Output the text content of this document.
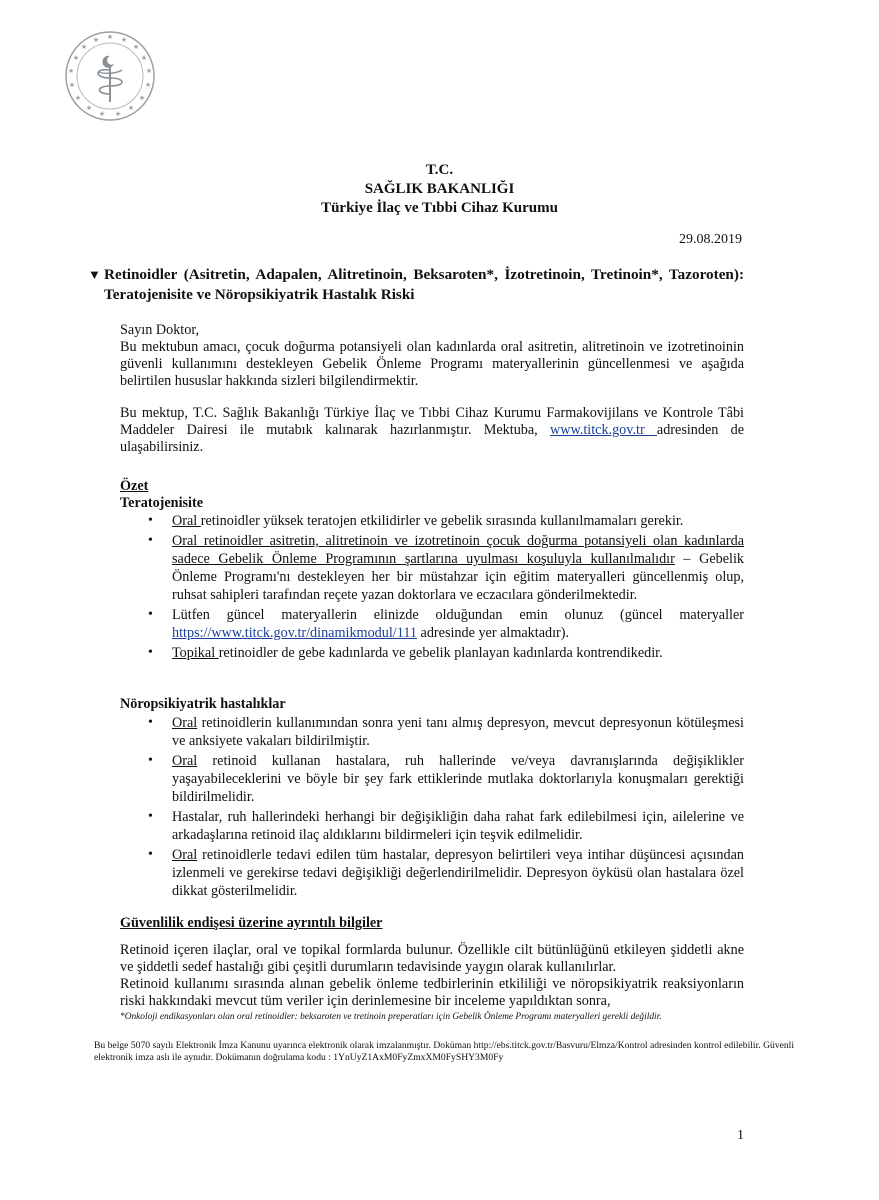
★ ★
★
★
★
★
★
★
★
★
★
★
★
★
★
★
★
T.C.
SAĞLIK BAKANLIĞI
Türkiye İlaç ve Tıbbi Cihaz Kurumu
29.08.2019
▼ Retinoidler (Asitretin, Adapalen, Alitretinoin, Beksaroten*, İzotretinoin, Tretinoin*, Tazoroten): Teratojenisite ve Nöropsikiyatrik Hastalık Riski
Sayın Doktor,
Bu mektubun amacı, çocuk doğurma potansiyeli olan kadınlarda oral asitretin, alitretinoin ve izotretinoinin güvenli kullanımını destekleyen Gebelik Önleme Programı materyallerinin güncellenmesi ve aşağıda belirtilen hususlar hakkında sizleri bilgilendirmektir.
Bu mektup, T.C. Sağlık Bakanlığı Türkiye İlaç ve Tıbbi Cihaz Kurumu Farmakovijilans ve Kontrole Tâbi Maddeler Dairesi ile mutabık kalınarak hazırlanmıştır. Mektuba, www.titck.gov.tr adresinden de ulaşabilirsiniz.
Özet
Teratojenisite
• Oral retinoidler yüksek teratojen etkilidirler ve gebelik sırasında kullanılmamaları gerekir.
• Oral retinoidler asitretin, alitretinoin ve izotretinoin çocuk doğurma potansiyeli olan kadınlarda sadece Gebelik Önleme Programının şartlarına uyulması koşuluyla kullanılmalıdır – Gebelik Önleme Programı'nı destekleyen her bir müstahzar için eğitim materyalleri güncellenmiş olup, ruhsat sahipleri tarafından reçete yazan doktorlara ve eczacılara gönderilmektedir.
• Lütfen güncel materyallerin elinizde olduğundan emin olunuz (güncel materyaller https://www.titck.gov.tr/dinamikmodul/111 adresinde yer almaktadır).
• Topikal retinoidler de gebe kadınlarda ve gebelik planlayan kadınlarda kontrendikedir.
Nöropsikiyatrik hastalıklar
• Oral retinoidlerin kullanımından sonra yeni tanı almış depresyon, mevcut depresyonun kötüleşmesi ve anksiyete vakaları bildirilmiştir.
• Oral retinoid kullanan hastalara, ruh hallerinde ve/veya davranışlarında değişiklikler yaşayabileceklerini ve böyle bir şey fark ettiklerinde mutlaka doktorlarıyla konuşmaları gerektiği bildirilmelidir.
• Hastalar, ruh hallerindeki herhangi bir değişikliğin daha rahat fark edilebilmesi için, ailelerine ve arkadaşlarına retinoid ilaç aldıklarını bildirmeleri için teşvik edilmelidir.
• Oral retinoidlerle tedavi edilen tüm hastalar, depresyon belirtileri veya intihar düşüncesi açısından izlenmeli ve gerekirse tedavi değişikliği değerlendirilmelidir. Depresyon öyküsü olan hastalara özel dikkat gösterilmelidir.
Güvenlilik endişesi üzerine ayrıntılı bilgiler
Retinoid içeren ilaçlar, oral ve topikal formlarda bulunur. Özellikle cilt bütünlüğünü etkileyen şiddetli akne ve şiddetli sedef hastalığı gibi çeşitli durumların tedavisinde yaygın olarak kullanılırlar.
Retinoid kullanımı sırasında alınan gebelik önleme tedbirlerinin etkililiği ve nöropsikiyatrik reaksiyonların riski hakkındaki mevcut tüm veriler için derinlemesine bir inceleme yapıldıktan sonra,
*Onkoloji endikasyonları olan oral retinoidler: beksaroten ve tretinoin preperatları için Gebelik Önleme Programı materyalleri gerekli değildir.
Bu belge 5070 sayılı Elektronik İmza Kanunu uyarınca elektronik olarak imzalanmıştır. Doküman http://ebs.titck.gov.tr/Basvuru/Elmza/Kontrol adresinden kontrol edilebilir. Güvenli elektronik imza aslı ile aynıdır. Dokümanın doğrulama kodu : 1YnUyZ1AxM0FyZmxXM0FySHY3M0Fy
1
